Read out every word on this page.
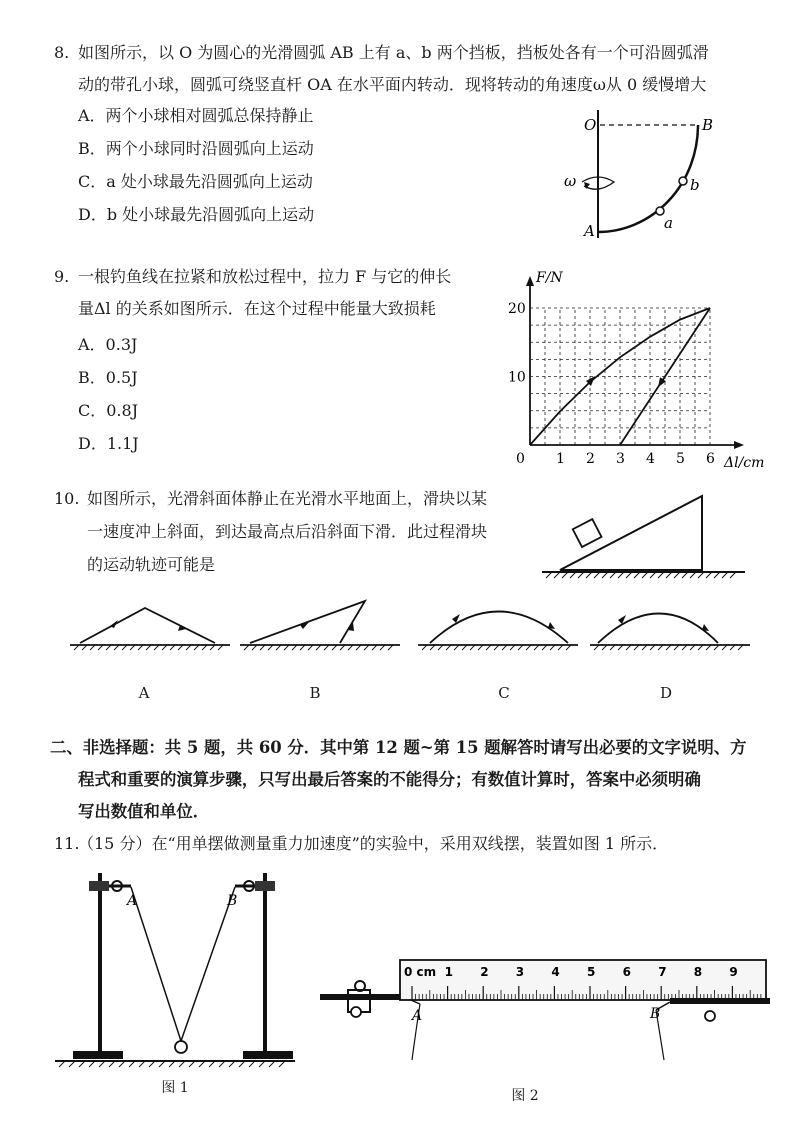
8. 如图所示，以 O 为圆心的光滑圆弧 AB 上有 a、b 两个挡板，挡板处各有一个可沿圆弧滑
动的带孔小球，圆弧可绕竖直杆 OA 在水平面内转动．现将转动的角速度ω从 0 缓慢增大
A．两个小球相对圆弧总保持静止
B．两个小球同时沿圆弧向上运动
C．a 处小球最先沿圆弧向上运动
D．b 处小球最先沿圆弧向上运动
O	B
A
b
a
ω
9. 一根钓鱼线在拉紧和放松过程中，拉力 F 与它的伸长
量Δl 的关系如图所示．在这个过程中能量大致损耗
A．0.3J
B．0.5J
C．0.8J
D．1.1J
0 1 2 3 4 5 6
10
20
Δl/cm
F/N
10. 如图所示，光滑斜面体静止在光滑水平地面上，滑块以某
一速度冲上斜面，到达最高点后沿斜面下滑．此过程滑块
的运动轨迹可能是
A	B	C	D
二、非选择题：共 5 题，共 60 分．其中第 12 题~第 15 题解答时请写出必要的文字说明、方
程式和重要的演算步骤，只写出最后答案的不能得分；有数值计算时，答案中必须明确
写出数值和单位．
11.
（15 分）在“用单摆做测量重力加速度”的实验中，采用双线摆，装置如图 1 所示．
A	B
图 1
0 cm 1 2 3 4 5 6 7 8 9
A	B
图 2
